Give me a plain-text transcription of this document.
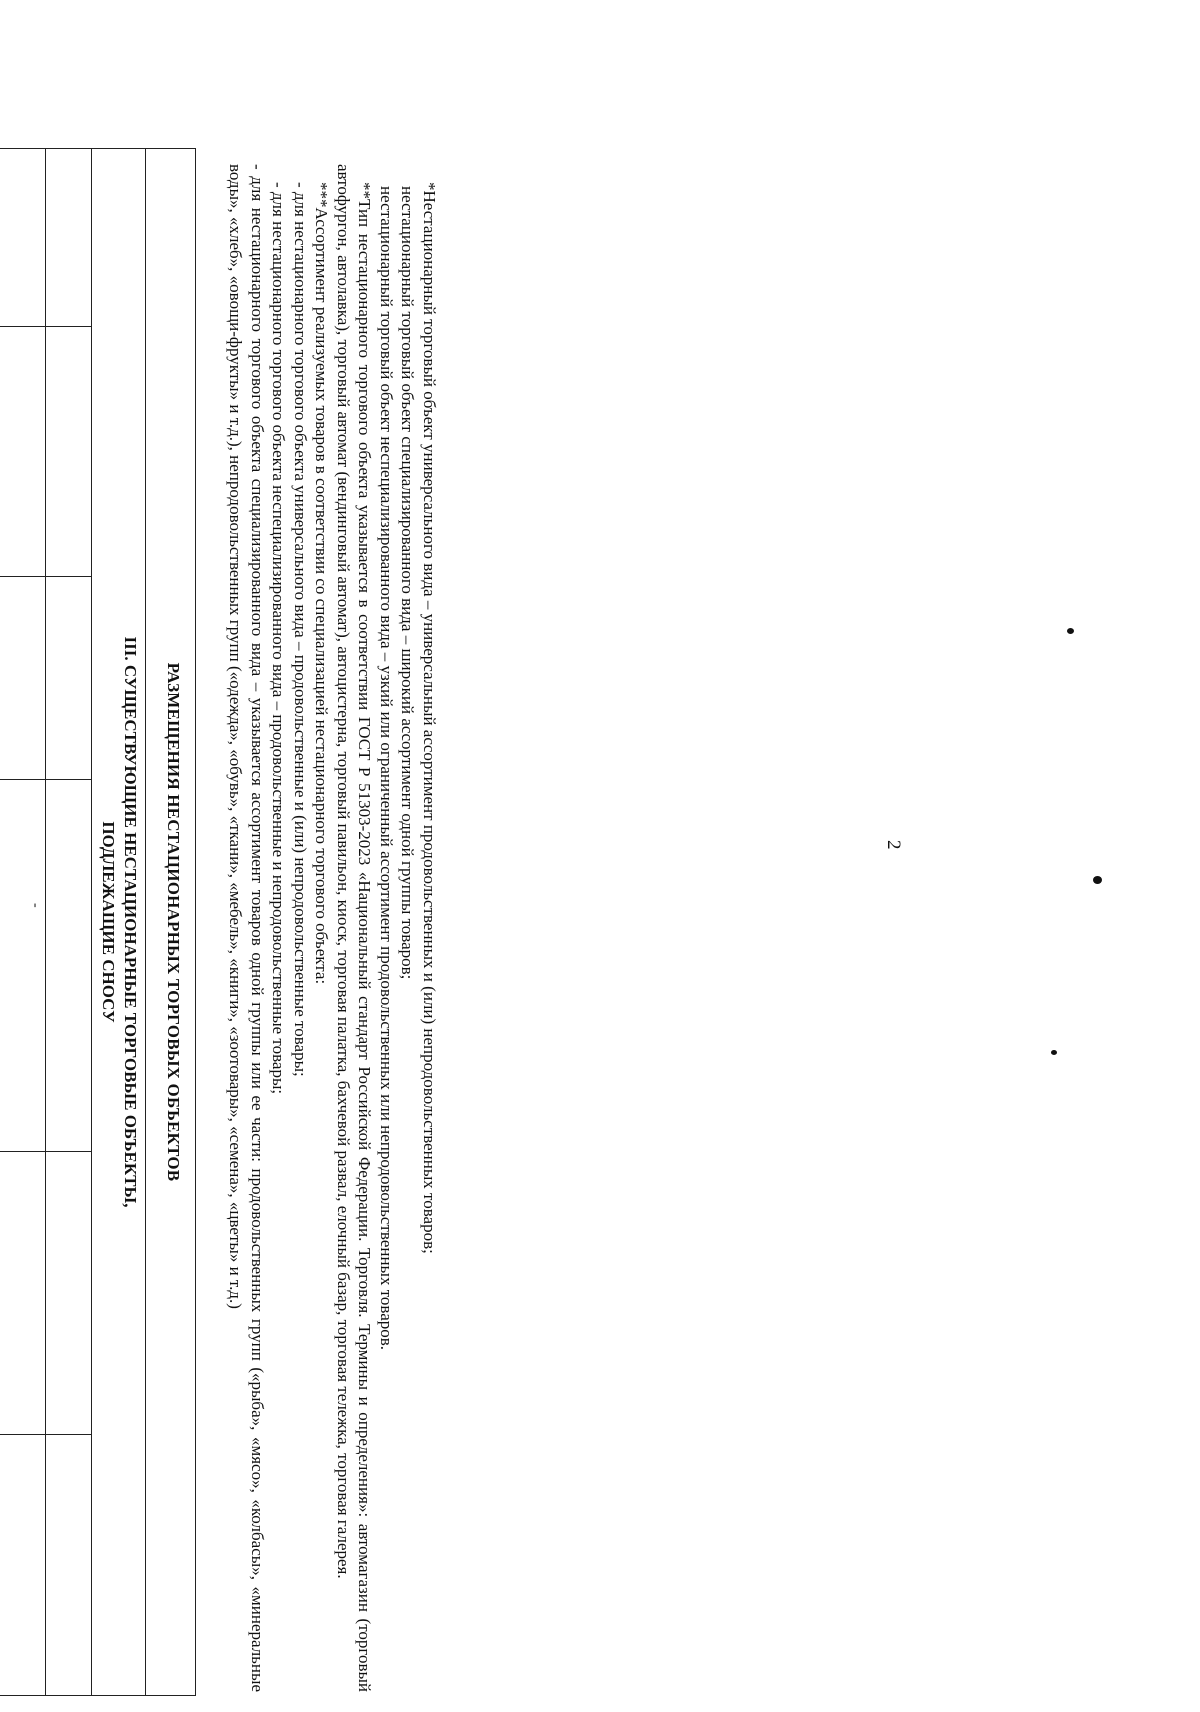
2
РАЗМЕЩЕНИЯ НЕСТАЦИОНАРНЫХ ТОРГОВЫХ ОБЪЕКТОВ
III. СУЩЕСТВУЮЩИЕ НЕСТАЦИОНАРНЫЕ ТОРГОВЫЕ ОБЪЕКТЫ,
ПОДЛЕЖАЩИЕ СНОСУ
-	*Нестационарный торговый объект универсального вида – универсальный ассортимент продовольственных и (или) непродовольственных товаров;

нестационарный торговый объект специализированного вида – широкий ассортимент одной группы товаров;

нестационарный торговый объект неспециализированного вида – узкий или ограниченный ассортимент продовольственных или непродовольственных товаров.

**Тип нестационарного торгового объекта указывается в соответствии ГОСТ Р 51303-2023 «Национальный стандарт Российской Федерации. Торговля. Термины и определения»: автомагазин (торговый автофургон, автолавка), торговый автомат (вендинговый автомат), автоцистерна, торговый павильон, киоск, торговая палатка, бахчевой развал, елочный базар, торговая тележка, торговая галерея.

***Ассортимент реализуемых товаров в соответствии со специализацией нестационарного торгового объекта:

- для нестационарного торгового объекта универсального вида – продовольственные и (или) непродовольственные товары;

- для нестационарного торгового объекта неспециализированного вида – продовольственные и непродовольственные товары;

- для нестационарного торгового объекта специализированного вида – указывается ассортимент товаров одной группы или ее части: продовольственных групп («рыба», «мясо», «колбасы», «минеральные воды», «хлеб», «овощи-фрукты» и т.д.), непродовольственных групп («одежда», «обувь», «ткани», «мебель», «книги», «зоотовары», «семена», «цветы» и т.д.)
